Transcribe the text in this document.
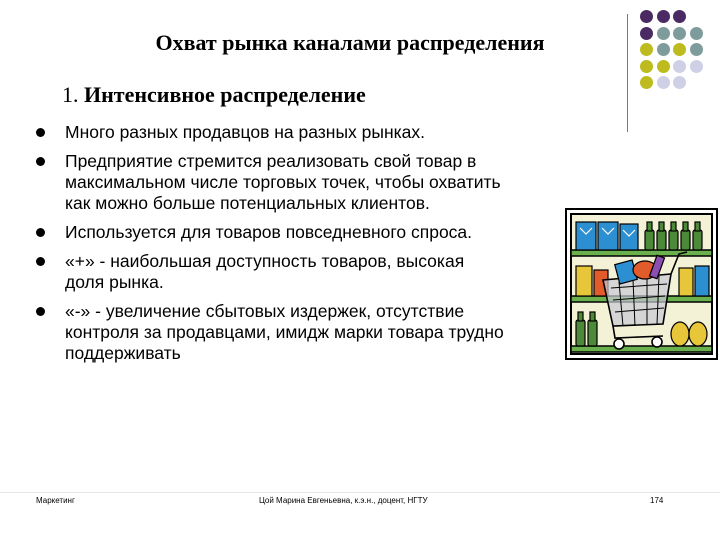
Охват рынка каналами распределения
1. Интенсивное распределение
Много разных продавцов на разных рынках.
Предприятие стремится реализовать свой товар в
максимальном числе торговых точек, чтобы охватить
как можно больше потенциальных клиентов.
Используется для товаров повседневного спроса.
«+» - наибольшая доступность товаров, высокая
доля рынка.
«-» - увеличение сбытовых издержек, отсутствие
контроля за продавцами, имидж марки товара трудно
поддерживать
Маркетинг	Цой Марина Евгеньевна, к.э.н., доцент, НГТУ	174
